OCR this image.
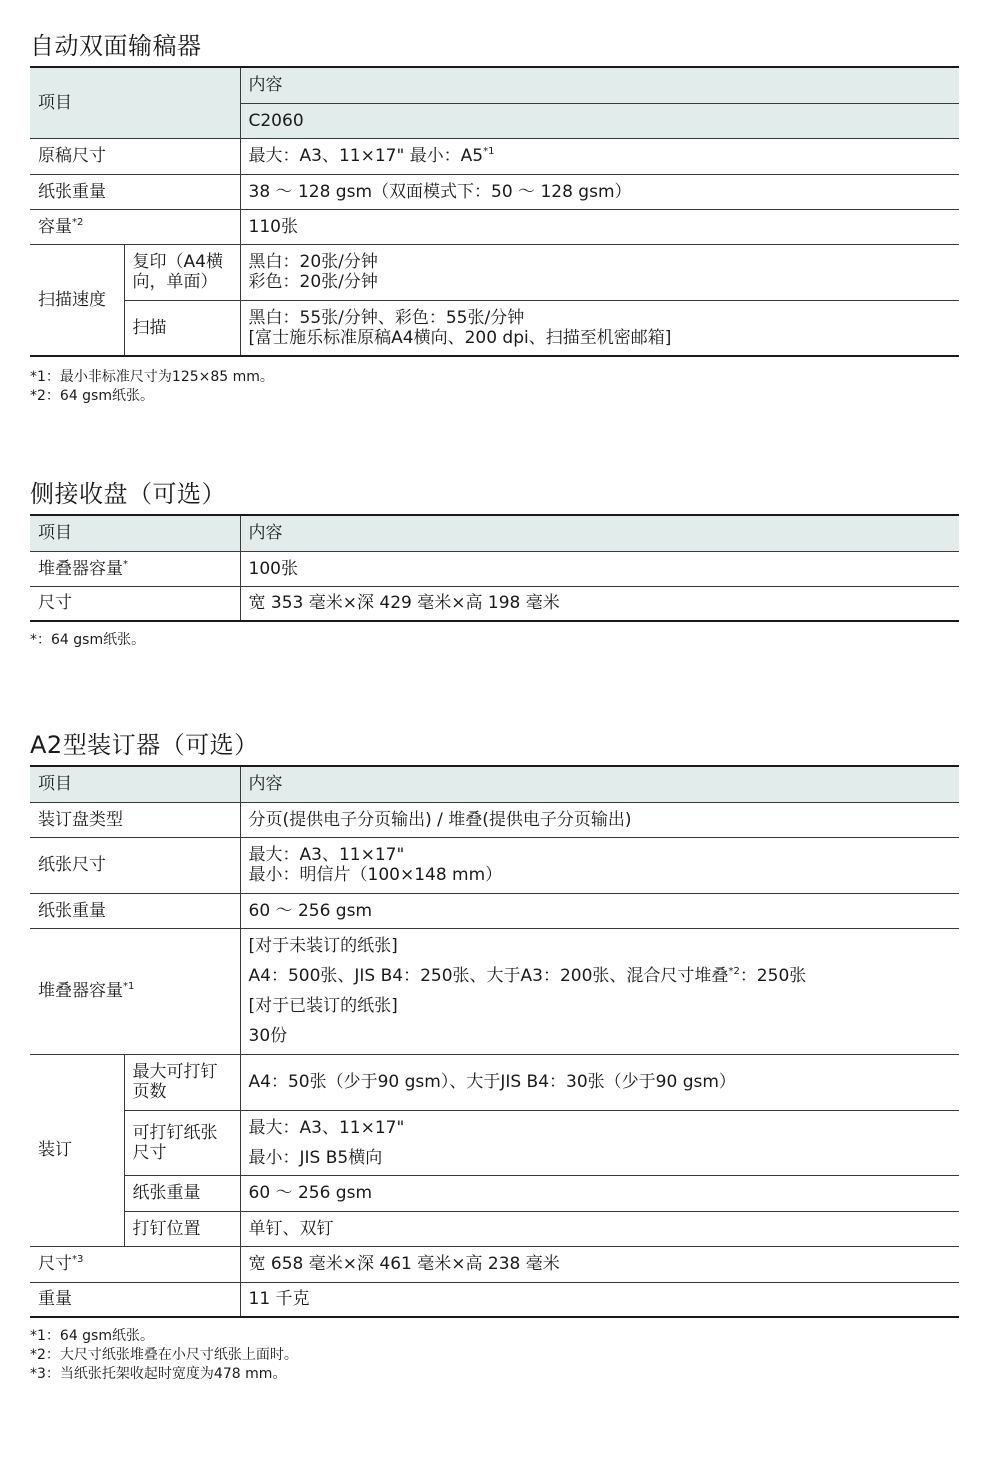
自动双面输稿器
项目		内容
		C2060
原稿尺寸		最大：A3、11×17" 最小：A5$^{*1}$
纸张重量		38 ～ 128 gsm（双面模式下：50 ～ 128 gsm）
容量$^{*2}$		110张
扫描速度	复印（A4横向，单面）	黑白：20张/分钟
彩色：20张/分钟

	扫描	黑白：55张/分钟、彩色：55张/分钟
[富士施乐标准原稿A4横向、200 dpi、扫描至机密邮箱]
*1：最小非标准尺寸为125×85 mm。
*2：64 gsm纸张。
侧接收盘（可选）
项目	内容
堆叠器容量*	100张
尺寸	宽 353 毫米×深 429 毫米×高 198 毫米
*：64 gsm纸张。
A2型装订器（可选）
项目		内容
装订盘类型		分页(提供电子分页输出) / 堆叠(提供电子分页输出)
纸张尺寸		最大：A3、11×17"
最小：明信片（100×148 mm）

纸张重量		60 ～ 256 gsm
堆叠器容量$^{*1}$		[对于未装订的纸张]
A4：500张、JIS B4：250张、大于A3：200张、混合尺寸堆叠$^{*2}$：250张
[对于已装订的纸张]
30份

装订	最大可打钉页数	A4：50张（少于90 gsm）、大于JIS B4：30张（少于90 gsm）
	可打钉纸张尺寸	最大：A3、11×17"
最小：JIS B5横向

	纸张重量	60 ～ 256 gsm
	打钉位置	单钉、双钉
尺寸$^{*3}$		宽 658 毫米×深 461 毫米×高 238 毫米
重量		11 千克
*1：64 gsm纸张。
*2：大尺寸纸张堆叠在小尺寸纸张上面时。
*3：当纸张托架收起时宽度为478 mm。
